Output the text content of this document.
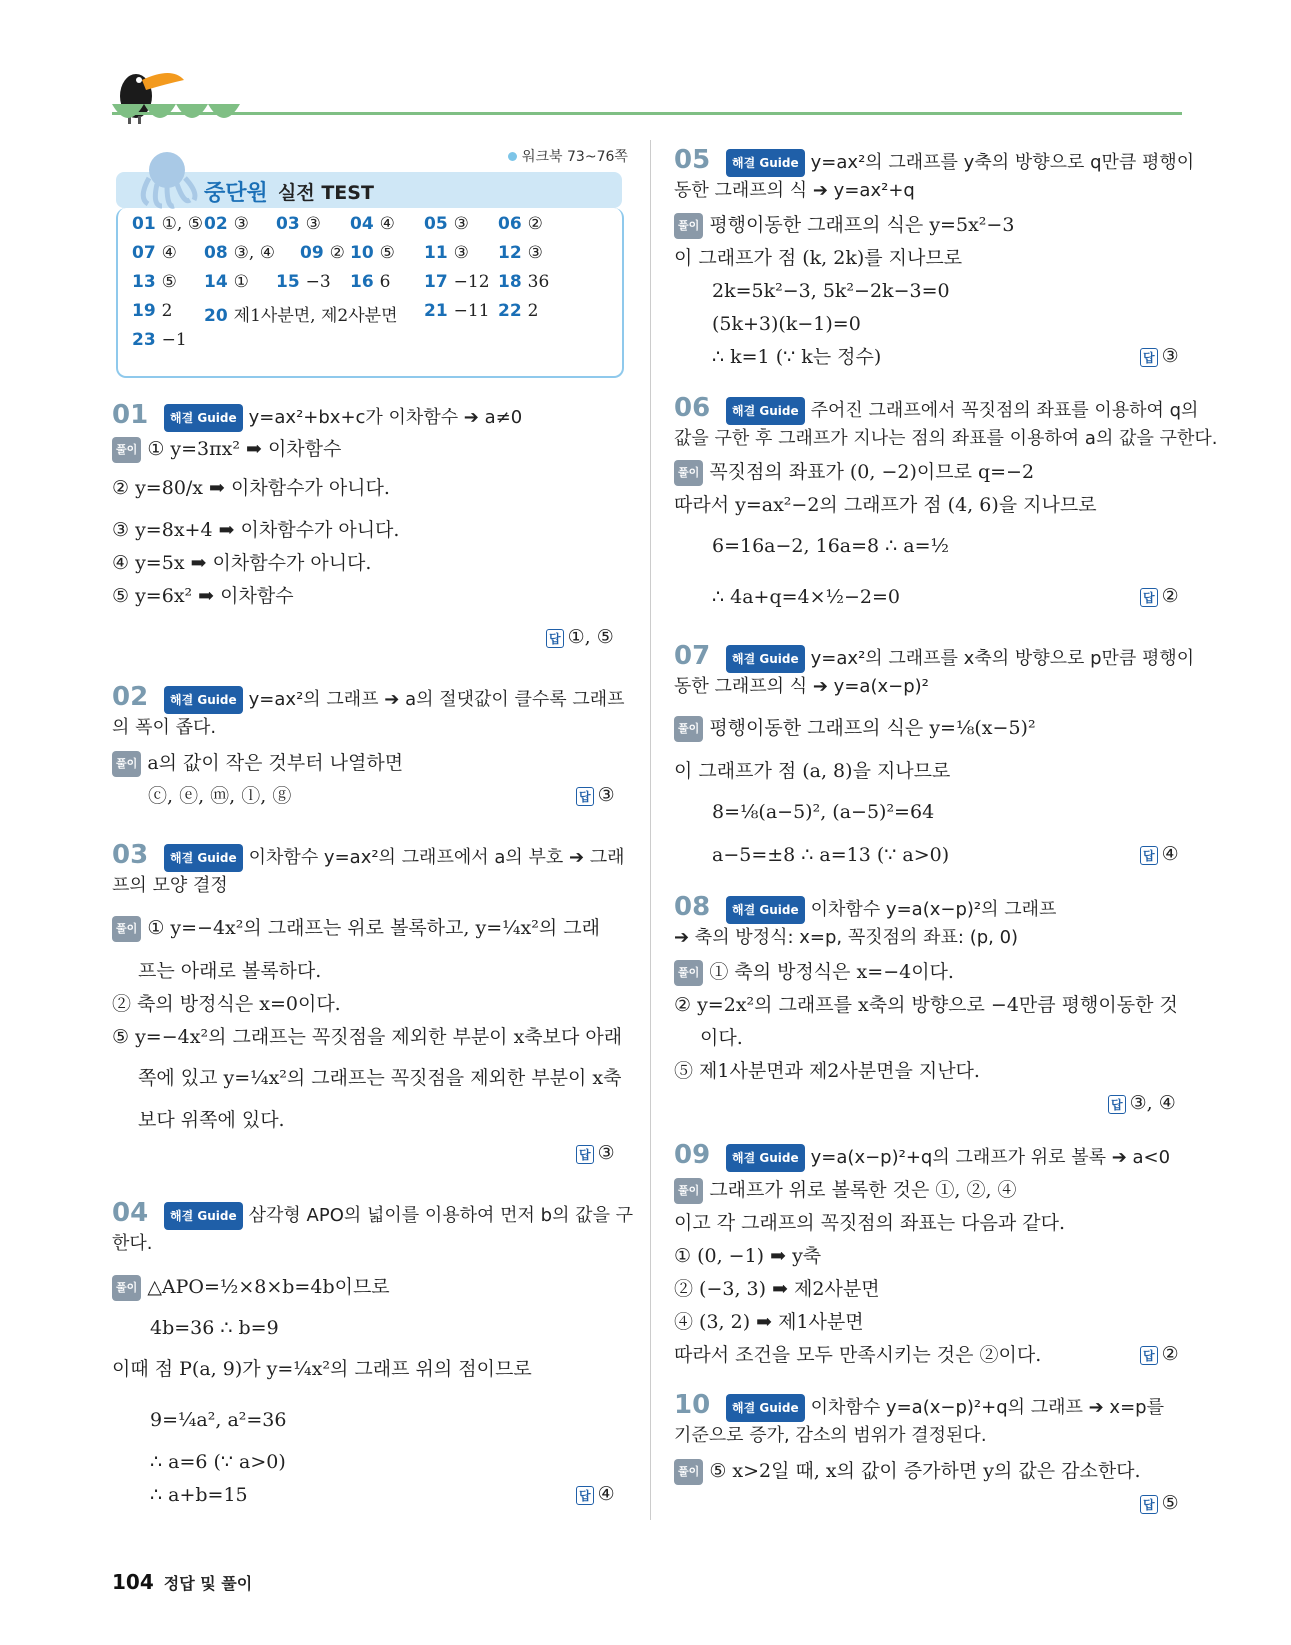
워크북 73~76쪽
중단원 실전 TEST
01 ①, ⑤ 02 ③ 03 ③ 04 ④ 05 ③ 06 ②
07 ④ 08 ③, ④ 09 ② 10 ⑤ 11 ③ 12 ③
13 ⑤ 14 ① 15 −3 16 6 17 −12 18 36
19 2 20 제1사분면, 제2사분면 21 −11 22 2
23 −1
01	해결 Guide y=ax²+bx+c가 이차함수 ➔ a≠0
풀이 ① y=3πx² ➡ 이차함수
② y=80/x ➡ 이차함수가 아니다.
③ y=8x+4 ➡ 이차함수가 아니다.
④ y=5x ➡ 이차함수가 아니다.
⑤ y=6x² ➡ 이차함수
답 ①, ⑤
02	해결 Guide y=ax²의 그래프 ➔ a의 절댓값이 클수록 그래프
의 폭이 좁다.
풀이 a의 값이 작은 것부터 나열하면
ⓒ, ⓔ, ⓜ, ⓛ, ⓖ	답 ③
03	해결 Guide 이차함수 y=ax²의 그래프에서 a의 부호 ➔ 그래
프의 모양 결정
풀이 ① y=−4x²의 그래프는 위로 볼록하고, y=¼x²의 그래
프는 아래로 볼록하다.
② 축의 방정식은 x=0이다.
⑤ y=−4x²의 그래프는 꼭짓점을 제외한 부분이 x축보다 아래
쪽에 있고 y=¼x²의 그래프는 꼭짓점을 제외한 부분이 x축
보다 위쪽에 있다.
답 ③
04	해결 Guide 삼각형 APO의 넓이를 이용하여 먼저 b의 값을 구
한다.
풀이 △APO=½×8×b=4b이므로
4b=36 ∴ b=9
이때 점 P(a, 9)가 y=¼x²의 그래프 위의 점이므로
9=¼a², a²=36
∴ a=6 (∵ a>0)
∴ a+b=15	답 ④
05	해결 Guide y=ax²의 그래프를 y축의 방향으로 q만큼 평행이
동한 그래프의 식 ➔ y=ax²+q
풀이 평행이동한 그래프의 식은 y=5x²−3
이 그래프가 점 (k, 2k)를 지나므로
2k=5k²−3, 5k²−2k−3=0
(5k+3)(k−1)=0
∴ k=1 (∵ k는 정수)	답 ③
06	해결 Guide 주어진 그래프에서 꼭짓점의 좌표를 이용하여 q의
값을 구한 후 그래프가 지나는 점의 좌표를 이용하여 a의 값을 구한다.
풀이 꼭짓점의 좌표가 (0, −2)이므로 q=−2
따라서 y=ax²−2의 그래프가 점 (4, 6)을 지나므로
6=16a−2, 16a=8 ∴ a=½
∴ 4a+q=4×½−2=0	답 ②
07	해결 Guide y=ax²의 그래프를 x축의 방향으로 p만큼 평행이
동한 그래프의 식 ➔ y=a(x−p)²
풀이 평행이동한 그래프의 식은 y=⅛(x−5)²
이 그래프가 점 (a, 8)을 지나므로
8=⅛(a−5)², (a−5)²=64
a−5=±8 ∴ a=13 (∵ a>0)	답 ④
08	해결 Guide 이차함수 y=a(x−p)²의 그래프
➔ 축의 방정식: x=p, 꼭짓점의 좌표: (p, 0)
풀이 ① 축의 방정식은 x=−4이다.
② y=2x²의 그래프를 x축의 방향으로 −4만큼 평행이동한 것
이다.
⑤ 제1사분면과 제2사분면을 지난다.
답 ③, ④
09	해결 Guide y=a(x−p)²+q의 그래프가 위로 볼록 ➔ a<0
풀이 그래프가 위로 볼록한 것은 ①, ②, ④
이고 각 그래프의 꼭짓점의 좌표는 다음과 같다.
① (0, −1) ➡ y축
② (−3, 3) ➡ 제2사분면
④ (3, 2) ➡ 제1사분면
따라서 조건을 모두 만족시키는 것은 ②이다.	답 ②
10	해결 Guide 이차함수 y=a(x−p)²+q의 그래프 ➔ x=p를
기준으로 증가, 감소의 범위가 결정된다.
풀이 ⑤ x>2일 때, x의 값이 증가하면 y의 값은 감소한다.
답 ⑤
104 정답 및 풀이
